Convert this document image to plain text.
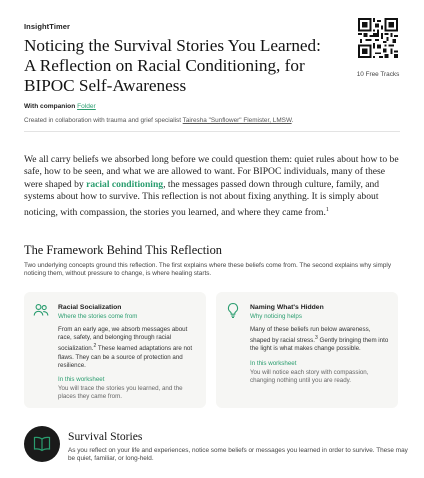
InsightTimer
Noticing the Survival Stories You Learned: A Reflection on Racial Conditioning, for BIPOC Self-Awareness
10 Free Tracks
With companion Folder
Created in collaboration with trauma and grief specialist Tairesha "Sunflower" Flemister, LMSW.

We all carry beliefs we absorbed long before we could question them: quiet rules about how to be safe, how to be seen, and what we are allowed to want. For BIPOC individuals, many of these were shaped by racial conditioning, the messages passed down through culture, family, and systems about how to survive. This reflection is not about fixing anything. It is simply about noticing, with compassion, the stories you learned, and where they came from.$^1$

The Framework Behind This Reflection

Two underlying concepts ground this reflection. The first explains where these beliefs come from. The second explains why simply noticing them, without pressure to change, is where healing starts.

Racial Socialization
Where the stories come from

From an early age, we absorb messages about race, safety, and belonging through racial socialization.$^2$ These learned adaptations are not flaws. They can be a source of protection and resilience.

In this worksheet

You will trace the stories you learned, and the places they came from.

Naming What's Hidden
Why noticing helps

Many of these beliefs run below awareness, shaped by racial stress.$^3$ Gently bringing them into the light is what makes change possible.

In this worksheet

You will notice each story with compassion, changing nothing until you are ready.

Survival Stories

As you reflect on your life and experiences, notice some beliefs or messages you learned in order to survive. These may be quiet, familiar, or long-held.
